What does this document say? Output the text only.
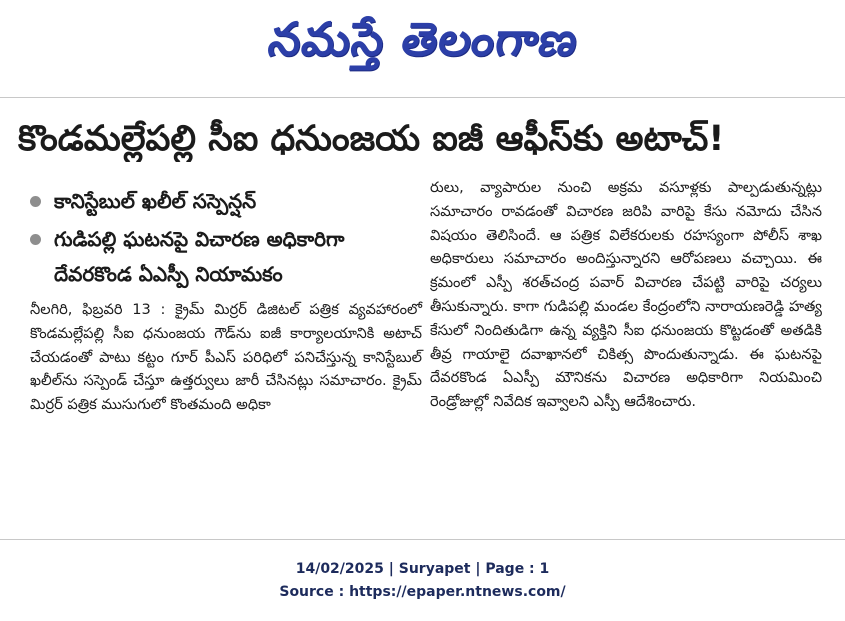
నమస్తే తెలంగాణ
కొండమల్లేపల్లి సీఐ ధనుంజయ ఐజీ ఆఫీస్‌కు అటాచ్!
కానిస్టేబుల్ ఖలీల్ సస్పెన్షన్
గుడిపల్లి ఘటనపై విచారణ అధికారిగా దేవరకొండ ఏఎస్పీ నియామకం
నీలగిరి, ఫిబ్రవరి 13 : క్రైమ్ మిర్రర్ డిజిటల్ పత్రిక వ్యవహారంలో కొండమల్లేపల్లి సీఐ ధనుంజయ గౌడ్‌ను ఐజీ కార్యాలయానికి అటాచ్ చేయడంతో పాటు కట్టం గూర్ పీఎస్ పరిధిలో పనిచేస్తున్న కానిస్టేబుల్ ఖలీల్‌ను సస్పెండ్ చేస్తూ ఉత్తర్వులు జారీ చేసినట్లు సమాచారం. క్రైమ్ మిర్రర్ పత్రిక ముసుగులో కొంతమంది అధికా
రులు, వ్యాపారుల నుంచి అక్రమ వసూళ్లకు పాల్పడుతున్నట్లు సమాచారం రావడంతో విచారణ జరిపి వారిపై కేసు నమోదు చేసిన విషయం తెలిసిందే. ఆ పత్రిక విలేకరులకు రహస్యంగా పోలీస్ శాఖ అధికారులు సమాచారం అందిస్తున్నారని ఆరోపణలు వచ్చాయి. ఈ క్రమంలో ఎస్పీ శరత్‌చంద్ర పవార్ విచారణ చేపట్టి వారిపై చర్యలు తీసుకున్నారు. కాగా గుడిపల్లి మండల కేంద్రంలోని నారాయణరెడ్డి హత్య కేసులో నిందితుడిగా ఉన్న వ్యక్తిని సీఐ ధనుంజయ కొట్టడంతో అతడికి తీవ్ర గాయాలై దవాఖానలో చికిత్స పొందుతున్నాడు. ఈ ఘటనపై దేవరకొండ ఏఎస్పీ మౌనికను విచారణ అధికారిగా నియమించి రెండ్రోజుల్లో నివేదిక ఇవ్వాలని ఎస్పీ ఆదేశించారు.
14/02/2025 | Suryapet | Page : 1
Source : https://epaper.ntnews.com/
